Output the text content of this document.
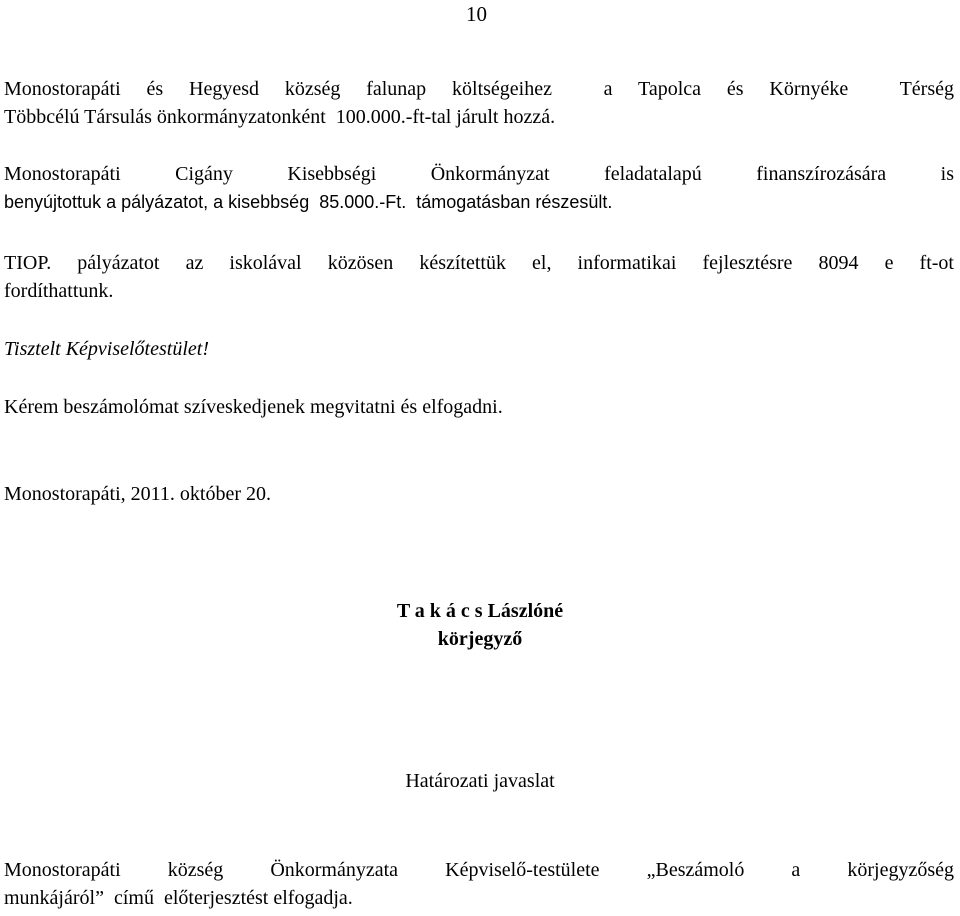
10
Monostorapáti és Hegyesd község falunap költségeihez  a Tapolca és Környéke  Térség
Többcélú Társulás önkormányzatonként  100.000.-ft-tal járult hozzá.
Monostorapáti  Cigány  Kisebbségi  Önkormányzat  feladatalapú  finanszírozására  is
benyújtottuk a pályázatot, a kisebbség  85.000.-Ft.  támogatásban részesült.
TIOP. pályázatot az iskolával közösen készítettük el, informatikai fejlesztésre 8094 e ft-ot
fordíthattunk.
Tisztelt Képviselőtestület!
Kérem beszámolómat szíveskedjenek megvitatni és elfogadni.
Monostorapáti, 2011. október 20.
T a k á c s Lászlóné
körjegyző
Határozati javaslat
Monostorapáti  község  Önkormányzata  Képviselő-testülete  „Beszámoló  a  körjegyzőség
munkájáról”  című  előterjesztést elfogadja.
